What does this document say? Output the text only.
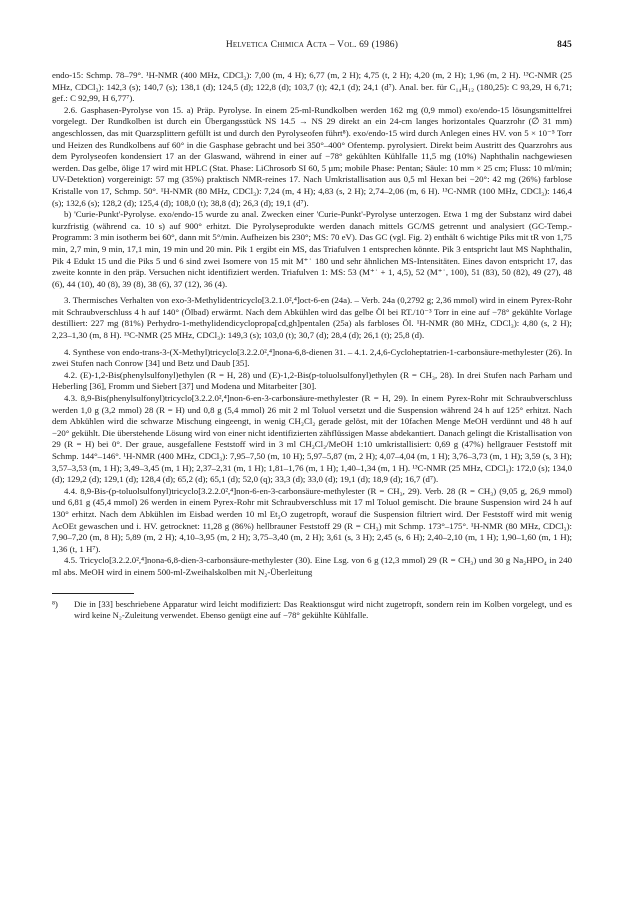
Helvetica Chimica Acta – Vol. 69 (1986)	845

endo-15: Schmp. 78–79°. ¹H-NMR (400 MHz, CDCl₃): 7,00 (m, 4 H); 6,77 (m, 2 H); 4,75 (t, 2 H); 4,20 (m, 2 H); 1,96 (m, 2 H). ¹³C-NMR (25 MHz, CDCl₃): 142,3 (s); 140,7 (s); 138,1 (d); 124,5 (d); 122,8 (d); 103,7 (t); 42,1 (d); 24,1 (d⁷). Anal. ber. für C₁₄H₁₂ (180,25): C 93,29, H 6,71; gef.: C 92,99, H 6,77⁷).

2.6. Gasphasen-Pyrolyse von 15. a) Präp. Pyrolyse. In einem 25-ml-Rundkolben werden 162 mg (0,9 mmol) exo/endo-15 lösungsmittelfrei vorgelegt. Der Rundkolben ist durch ein Übergangsstück NS 14.5 → NS 29 direkt an ein 24-cm langes horizontales Quarzrohr (∅ 31 mm) angeschlossen, das mit Quarzsplittern gefüllt ist und durch den Pyrolyseofen führt⁸). exo/endo-15 wird durch Anlegen eines HV. von 5 × 10⁻⁵ Torr und Heizen des Rundkolbens auf 60° in die Gasphase gebracht und bei 350°–400° Ofentemp. pyrolysiert. Direkt beim Austritt des Quarzrohrs aus dem Pyrolyseofen kondensiert 17 an der Glaswand, während in einer auf −78° gekühlten Kühlfalle 11,5 mg (10%) Naphthalin nachgewiesen werden. Das gelbe, ölige 17 wird mit HPLC (Stat. Phase: LiChrosorb SI 60, 5 µm; mobile Phase: Pentan; Säule: 10 mm × 25 cm; Fluss: 10 ml/min; UV-Detektion) vorgereinigt: 57 mg (35%) praktisch NMR-reines 17. Nach Umkristallisation aus 0,5 ml Hexan bei −20°: 42 mg (26%) farblose Kristalle von 17, Schmp. 50°. ¹H-NMR (80 MHz, CDCl₃): 7,24 (m, 4 H); 4,83 (s, 2 H); 2,74–2,06 (m, 6 H). ¹³C-NMR (100 MHz, CDCl₃): 146,4 (s); 132,6 (s); 128,2 (d); 125,4 (d); 108,0 (t); 38,8 (d); 26,3 (d); 19,1 (d⁷).

b) 'Curie-Punkt'-Pyrolyse. exo/endo-15 wurde zu anal. Zwecken einer 'Curie-Punkt'-Pyrolyse unterzogen. Etwa 1 mg der Substanz wird dabei kurzfristig (während ca. 10 s) auf 900° erhitzt. Die Pyrolyseprodukte werden danach mittels GC/MS getrennt und analysiert (GC-Temp.-Programm: 3 min isotherm bei 60°, dann mit 5°/min. Aufheizen bis 230°; MS: 70 eV). Das GC (vgl. Fig. 2) enthält 6 wichtige Piks mit tR von 1,75 min, 2,7 min, 9 min, 17,1 min, 19 min und 20 min. Pik 1 ergibt ein MS, das Triafulven 1 entsprechen könnte. Pik 3 entspricht laut MS Naphthalin, Pik 4 Edukt 15 und die Piks 5 und 6 sind zwei Isomere von 15 mit M⁺˙ 180 und sehr ähnlichen MS-Intensitäten. Eines davon entspricht 17, das zweite konnte in den präp. Versuchen nicht identifiziert werden. Triafulven 1: MS: 53 (M⁺˙ + 1, 4,5), 52 (M⁺˙, 100), 51 (83), 50 (82), 49 (27), 48 (6), 44 (10), 40 (8), 39 (8), 38 (6), 37 (12), 36 (4).

3. Thermisches Verhalten von exo-3-Methylidentricyclo[3.2.1.0²,⁴]oct-6-en (24a). – Verb. 24a (0,2792 g; 2,36 mmol) wird in einem Pyrex-Rohr mit Schraubverschluss 4 h auf 140° (Ölbad) erwärmt. Nach dem Abkühlen wird das gelbe Öl bei RT./10⁻³ Torr in eine auf −78° gekühlte Vorlage destilliert: 227 mg (81%) Perhydro-1-methylidendicyclopropa[cd,gh]pentalen (25a) als farbloses Öl. ¹H-NMR (80 MHz, CDCl₃): 4,80 (s, 2 H); 2,23–1,30 (m, 8 H). ¹³C-NMR (25 MHz, CDCl₃): 149,3 (s); 103,0 (t); 30,7 (d); 28,4 (d); 26,1 (t); 25,8 (d).

4. Synthese von endo-trans-3-(X-Methyl)tricyclo[3.2.2.0²,⁴]nona-6,8-dienen 31. – 4.1. 2,4,6-Cycloheptatrien-1-carbonsäure-methylester (26). In zwei Stufen nach Conrow [34] und Betz und Daub [35].

4.2. (E)-1,2-Bis(phenylsulfonyl)ethylen (R = H, 28) und (E)-1,2-Bis(p-toluolsulfonyl)ethylen (R = CH₃, 28). In drei Stufen nach Parham und Heberling [36], Fromm und Siebert [37] und Modena und Mitarbeiter [30].

4.3. 8,9-Bis(phenylsulfonyl)tricyclo[3.2.2.0²,⁴]non-6-en-3-carbonsäure-methylester (R = H, 29). In einem Pyrex-Rohr mit Schraubverschluss werden 1,0 g (3,2 mmol) 28 (R = H) und 0,8 g (5,4 mmol) 26 mit 2 ml Toluol versetzt und die Suspension während 24 h auf 125° erhitzt. Nach dem Abkühlen wird die schwarze Mischung eingeengt, in wenig CH₂Cl₂ gerade gelöst, mit der 10fachen Menge MeOH verdünnt und 48 h auf −20° gekühlt. Die überstehende Lösung wird von einer nicht identifizierten zähflüssigen Masse abdekantiert. Danach gelingt die Kristallisation von 29 (R = H) bei 0°. Der graue, ausgefallene Feststoff wird in 3 ml CH₂Cl₂/MeOH 1:10 umkristallisiert: 0,69 g (47%) hellgrauer Feststoff mit Schmp. 144°–146°. ¹H-NMR (400 MHz, CDCl₃): 7,95–7,50 (m, 10 H); 5,97–5,87 (m, 2 H); 4,07–4,04 (m, 1 H); 3,76–3,73 (m, 1 H); 3,59 (s, 3 H); 3,57–3,53 (m, 1 H); 3,49–3,45 (m, 1 H); 2,37–2,31 (m, 1 H); 1,81–1,76 (m, 1 H); 1,40–1,34 (m, 1 H). ¹³C-NMR (25 MHz, CDCl₃): 172,0 (s); 134,0 (d); 129,2 (d); 129,1 (d); 128,4 (d); 65,2 (d); 65,1 (d); 52,0 (q); 33,3 (d); 33,0 (d); 19,1 (d); 18,9 (d); 16,7 (d⁷).

4.4. 8,9-Bis-(p-toluolsulfonyl)tricyclo[3.2.2.0²,⁴]non-6-en-3-carbonsäure-methylester (R = CH₃, 29). Verb. 28 (R = CH₃) (9,05 g, 26,9 mmol) und 6,81 g (45,4 mmol) 26 werden in einem Pyrex-Rohr mit Schraubverschluss mit 17 ml Toluol gemischt. Die braune Suspension wird 24 h auf 130° erhitzt. Nach dem Abkühlen im Eisbad werden 10 ml Et₂O zugetropft, worauf die Suspension filtriert wird. Der Feststoff wird mit wenig AcOEt gewaschen und i. HV. getrocknet: 11,28 g (86%) hellbrauner Feststoff 29 (R = CH₃) mit Schmp. 173°–175°. ¹H-NMR (80 MHz, CDCl₃): 7,90–7,20 (m, 8 H); 5,89 (m, 2 H); 4,10–3,95 (m, 2 H); 3,75–3,40 (m, 2 H); 3,61 (s, 3 H); 2,45 (s, 6 H); 2,40–2,10 (m, 1 H); 1,90–1,60 (m, 1 H); 1,36 (t, 1 H⁷).

4.5. Tricyclo[3.2.2.0²,⁴]nona-6,8-dien-3-carbonsäure-methylester (30). Eine Lsg. von 6 g (12,3 mmol) 29 (R = CH₃) und 30 g Na₂HPO₄ in 240 ml abs. MeOH wird in einem 500-ml-Zweihalskolben mit N₂-Überleitung

⁸) Die in [33] beschriebene Apparatur wird leicht modifiziert: Das Reaktionsgut wird nicht zugetropft, sondern rein im Kolben vorgelegt, und es wird keine N₂-Zuleitung verwendet. Ebenso genügt eine auf −78° gekühlte Kühlfalle.
